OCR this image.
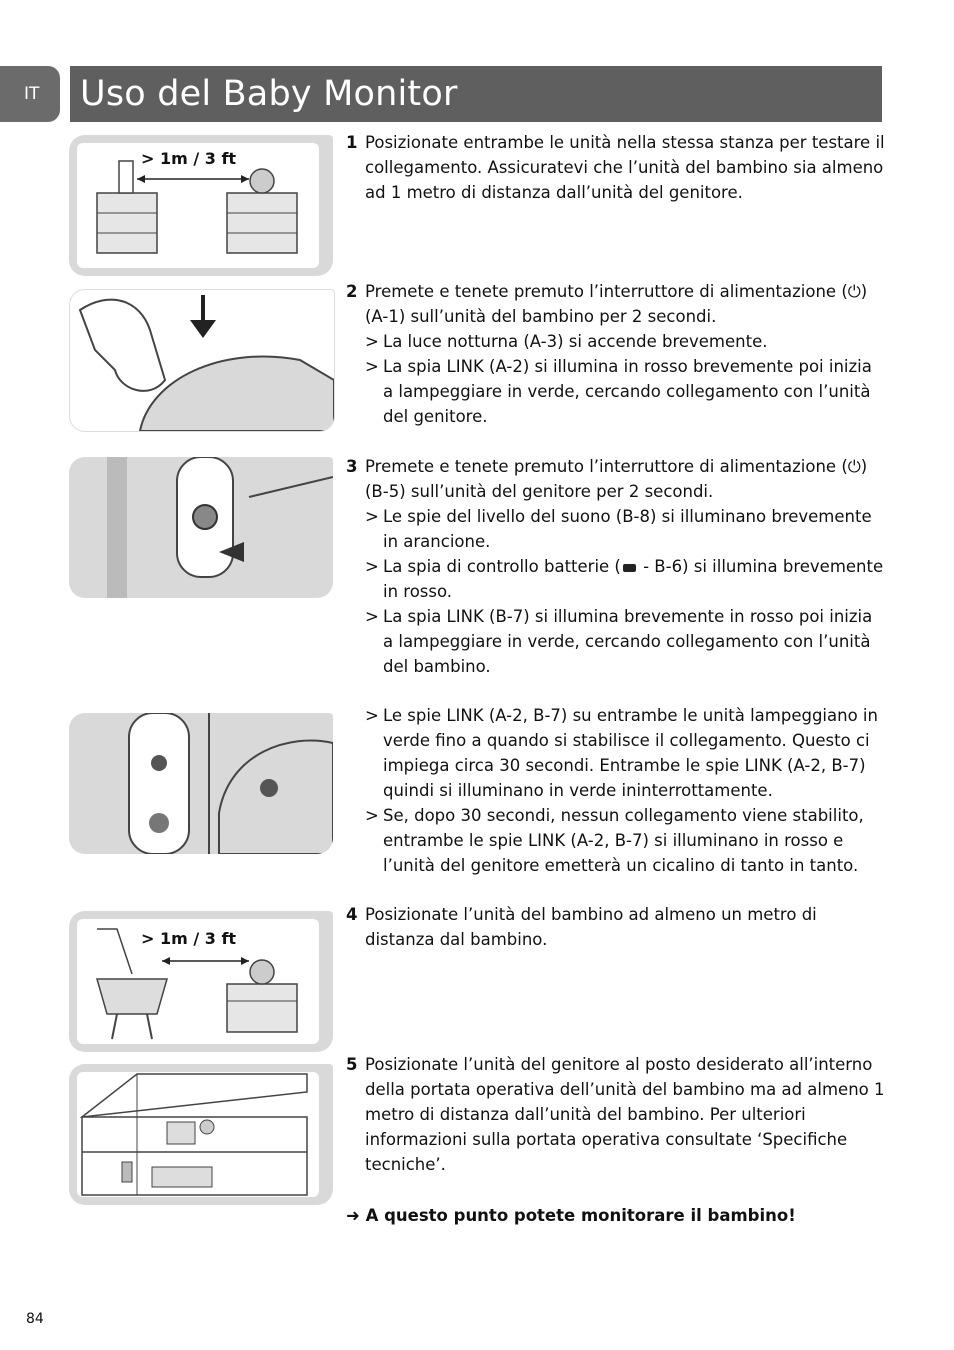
IT	Uso del Baby Monitor
> 1m / 3 ft
> 1m / 3 ft
1 Posizionate entrambe le unità nella stessa stanza per testare il collegamento. Assicuratevi che l’unità del bambino sia almeno ad 1 metro di distanza dall’unità del genitore.
2 Premete e tenete premuto l’interruttore di alimentazione (⏻) (A-1) sull’unità del bambino per 2 secondi.
> La luce notturna (A-3) si accende brevemente.
> La spia LINK (A-2) si illumina in rosso brevemente poi inizia a lampeggiare in verde, cercando collegamento con l’unità del genitore.
3 Premete e tenete premuto l’interruttore di alimentazione (⏻) (B-5) sull’unità del genitore per 2 secondi.
> Le spie del livello del suono (B-8) si illuminano brevemente in arancione.
> La spia di controllo batterie ( - B-6) si illumina brevemente in rosso.
> La spia LINK (B-7) si illumina brevemente in rosso poi inizia a lampeggiare in verde, cercando collegamento con l’unità del bambino.
> Le spie LINK (A-2, B-7) su entrambe le unità lampeggiano in verde fino a quando si stabilisce il collegamento. Questo ci impiega circa 30 secondi. Entrambe le spie LINK (A-2, B-7) quindi si illuminano in verde ininterrottamente.
> Se, dopo 30 secondi, nessun collegamento viene stabilito, entrambe le spie LINK (A-2, B-7) si illuminano in rosso e l’unità del genitore emetterà un cicalino di tanto in tanto.
4 Posizionate l’unità del bambino ad almeno un metro di distanza dal bambino.
5 Posizionate l’unità del genitore al posto desiderato all’interno della portata operativa dell’unità del bambino ma ad almeno 1 metro di distanza dall’unità del bambino. Per ulteriori informazioni sulla portata operativa consultate ‘Specifiche tecniche’.
➜ A questo punto potete monitorare il bambino!
84
